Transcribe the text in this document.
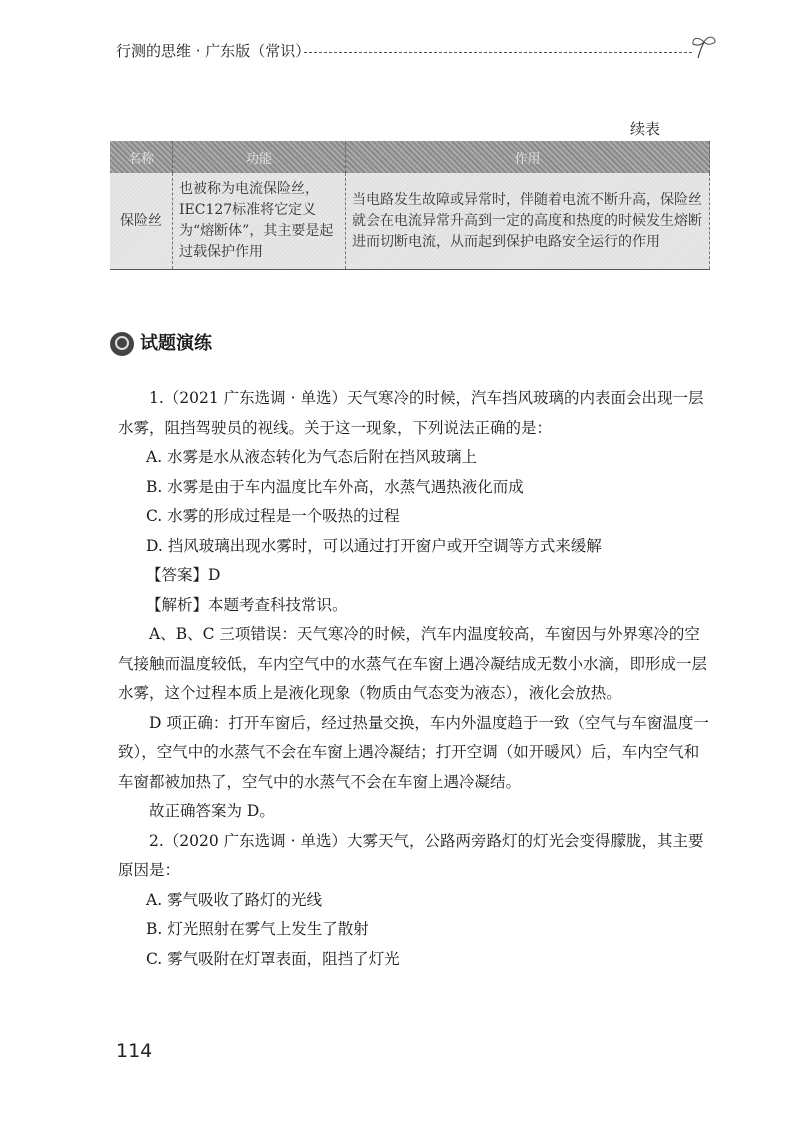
行测的思维 · 广东版（常识）
续表
名称	功能	作用
保险丝	也被称为电流保险丝，IEC127标准将它定义为“熔断体”，其主要是起过载保护作用	当电路发生故障或异常时，伴随着电流不断升高，保险丝就会在电流异常升高到一定的高度和热度的时候发生熔断进而切断电流，从而起到保护电路安全运行的作用
试题演练

1.（2021 广东选调 · 单选）天气寒冷的时候，汽车挡风玻璃的内表面会出现一层水雾，阻挡驾驶员的视线。关于这一现象，下列说法正确的是：

A. 水雾是水从液态转化为气态后附在挡风玻璃上

B. 水雾是由于车内温度比车外高，水蒸气遇热液化而成

C. 水雾的形成过程是一个吸热的过程

D. 挡风玻璃出现水雾时，可以通过打开窗户或开空调等方式来缓解

【答案】D

【解析】本题考查科技常识。

A、B、C 三项错误：天气寒冷的时候，汽车内温度较高，车窗因与外界寒冷的空气接触而温度较低，车内空气中的水蒸气在车窗上遇冷凝结成无数小水滴，即形成一层水雾，这个过程本质上是液化现象（物质由气态变为液态），液化会放热。

D 项正确：打开车窗后，经过热量交换，车内外温度趋于一致（空气与车窗温度一致），空气中的水蒸气不会在车窗上遇冷凝结；打开空调（如开暖风）后，车内空气和车窗都被加热了，空气中的水蒸气不会在车窗上遇冷凝结。

故正确答案为 D。

2.（2020 广东选调 · 单选）大雾天气，公路两旁路灯的灯光会变得朦胧，其主要原因是：

A. 雾气吸收了路灯的光线

B. 灯光照射在雾气上发生了散射

C. 雾气吸附在灯罩表面，阻挡了灯光

114
